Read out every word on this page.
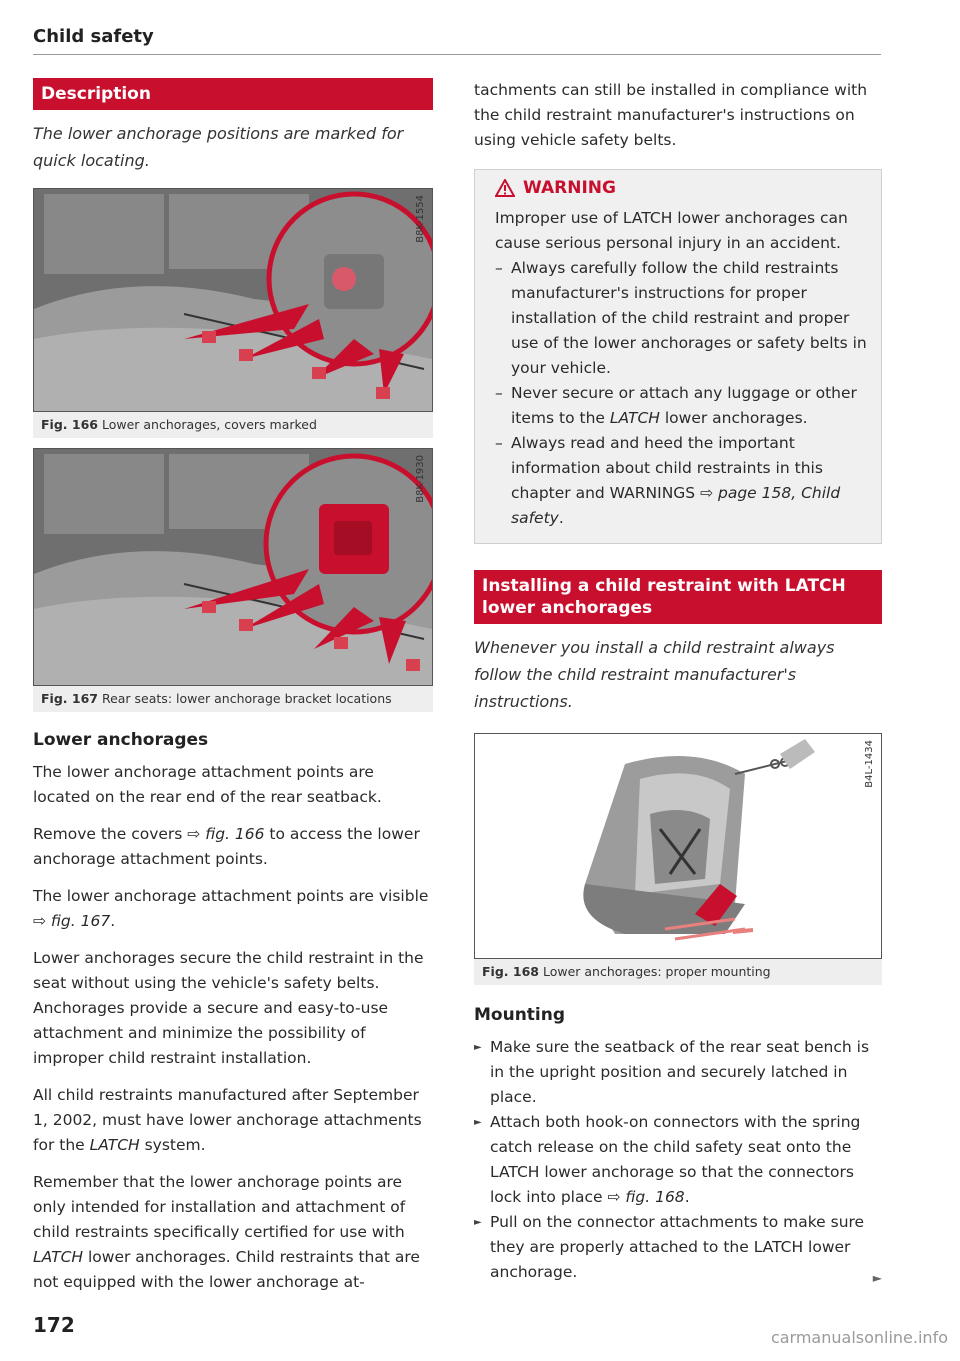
Child safety
Description

The lower anchorage positions are marked for quick locating.

B8K-1554
Fig. 166 Lower anchorages, covers marked
B8K-1930
Fig. 167 Rear seats: lower anchorage bracket locations
Lower anchorages

The lower anchorage attachment points are located on the rear end of the rear seatback.

Remove the covers ⇨ fig. 166 to access the lower anchorage attachment points.

The lower anchorage attachment points are visible ⇨ fig. 167.

Lower anchorages secure the child restraint in the seat without using the vehicle's safety belts. Anchorages provide a secure and easy-to-use attachment and minimize the possibility of improper child restraint installation.

All child restraints manufactured after September 1, 2002, must have lower anchorage attachments for the LATCH system.

Remember that the lower anchorage points are only intended for installation and attachment of child restraints specifically certified for use with LATCH lower anchorages. Child restraints that are not equipped with the lower anchorage at-

tachments can still be installed in compliance with the child restraint manufacturer's instructions on using vehicle safety belts.

WARNING
Improper use of LATCH lower anchorages can cause serious personal injury in an accident.
– Always carefully follow the child restraints manufacturer's instructions for proper installation of the child restraint and proper use of the lower anchorages or safety belts in your vehicle.
– Never secure or attach any luggage or other items to the LATCH lower anchorages.
– Always read and heed the important information about child restraints in this chapter and WARNINGS ⇨ page 158, Child safety.
Installing a child restraint with LATCH lower anchorages

Whenever you install a child restraint always follow the child restraint manufacturer's instructions.

B4L-1434
Fig. 168 Lower anchorages: proper mounting
Mounting
► Make sure the seatback of the rear seat bench is in the upright position and securely latched in place.
► Attach both hook-on connectors with the spring catch release on the child safety seat onto the LATCH lower anchorage so that the connectors lock into place ⇨ fig. 168.
► Pull on the connector attachments to make sure they are properly attached to the LATCH lower anchorage.	►
172
carmanualsonline.info
